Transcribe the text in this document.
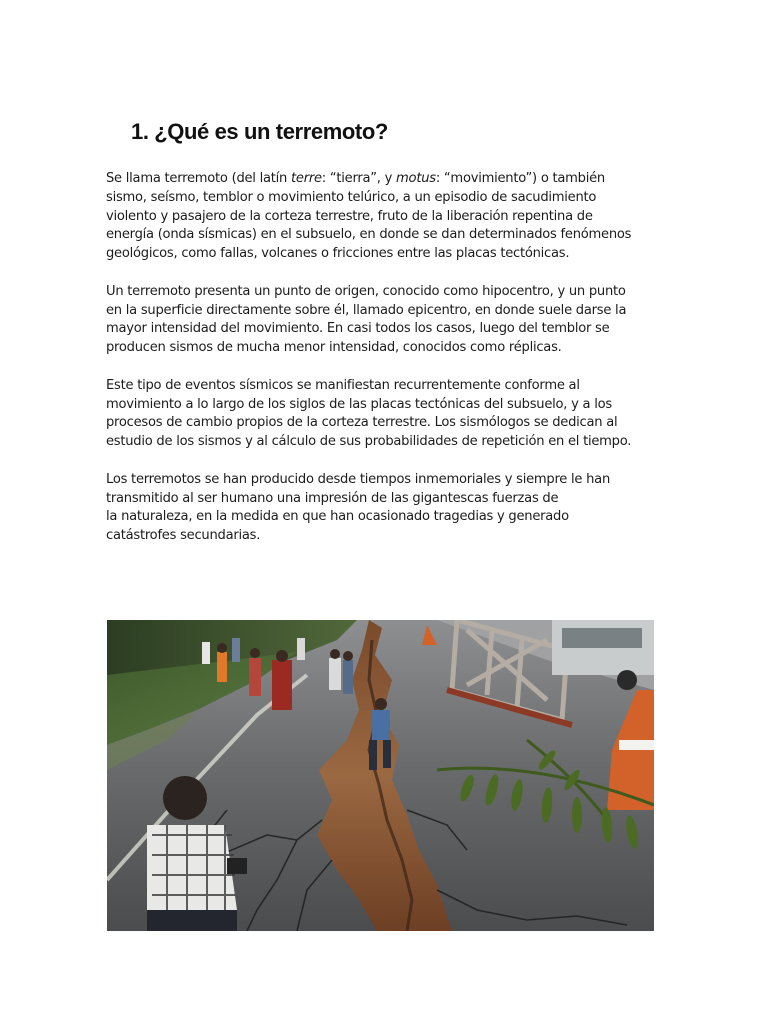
1. ¿Qué es un terremoto?

Se llama terremoto (del latín terre: “tierra”, y motus: “movimiento”) o también
sismo, seísmo, temblor o movimiento telúrico, a un episodio de sacudimiento
violento y pasajero de la corteza terrestre, fruto de la liberación repentina de
energía (onda sísmicas) en el subsuelo, en donde se dan determinados fenómenos
geológicos, como fallas, volcanes o fricciones entre las placas tectónicas.

Un terremoto presenta un punto de origen, conocido como hipocentro, y un punto
en la superficie directamente sobre él, llamado epicentro, en donde suele darse la
mayor intensidad del movimiento. En casi todos los casos, luego del temblor se
producen sismos de mucha menor intensidad, conocidos como réplicas.

Este tipo de eventos sísmicos se manifiestan recurrentemente conforme al
movimiento a lo largo de los siglos de las placas tectónicas del subsuelo, y a los
procesos de cambio propios de la corteza terrestre. Los sismólogos se dedican al
estudio de los sismos y al cálculo de sus probabilidades de repetición en el tiempo.

Los terremotos se han producido desde tiempos inmemoriales y siempre le han
transmitido al ser humano una impresión de las gigantescas fuerzas de
la naturaleza, en la medida en que han ocasionado tragedias y generado
catástrofes secundarias.
